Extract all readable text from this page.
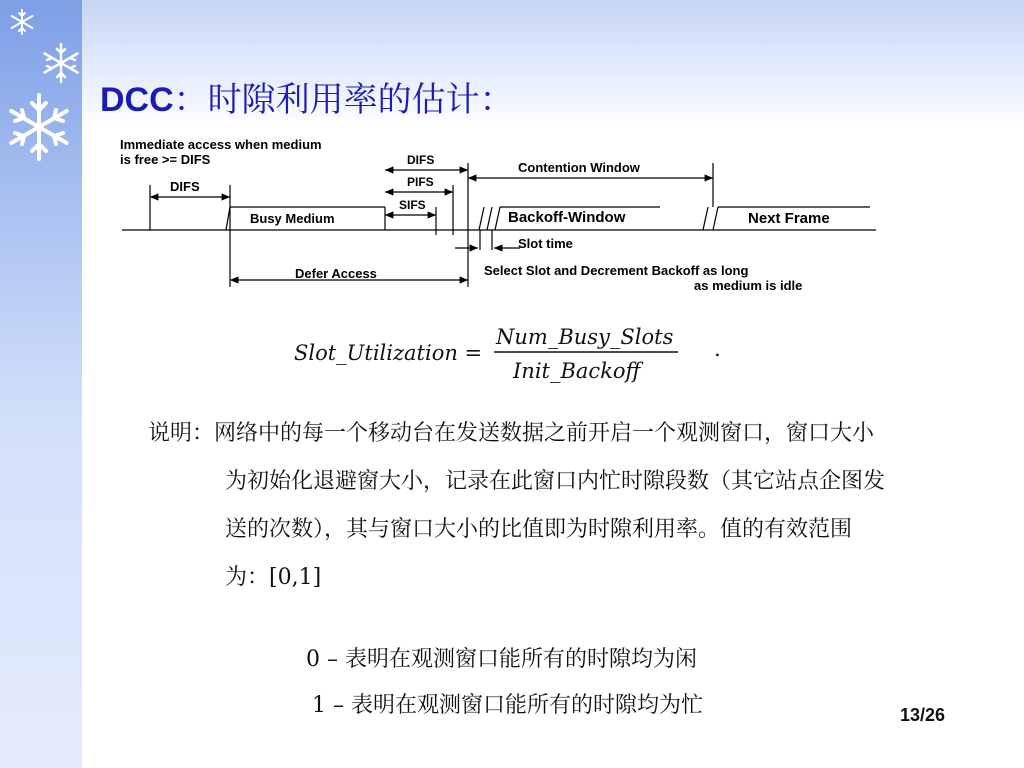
DCC：时隙利用率的估计：
Immediate access when medium
is free >= DIFS
DIFS
Busy Medium
DIFS
PIFS
SIFS
Contention Window
Backoff-Window	Next Frame
Slot time
Defer Access	Select Slot and Decrement Backoff as long
as medium is idle
Slot_Utilization =
Num_Busy_Slots
Init_Backoff
.
说明：网络中的每一个移动台在发送数据之前开启一个观测窗口，窗口大小
为初始化退避窗大小，记录在此窗口内忙时隙段数（其它站点企图发
送的次数），其与窗口大小的比值即为时隙利用率。值的有效范围
为：[0,1]
0 – 表明在观测窗口能所有的时隙均为闲
1 – 表明在观测窗口能所有的时隙均为忙	13/26
